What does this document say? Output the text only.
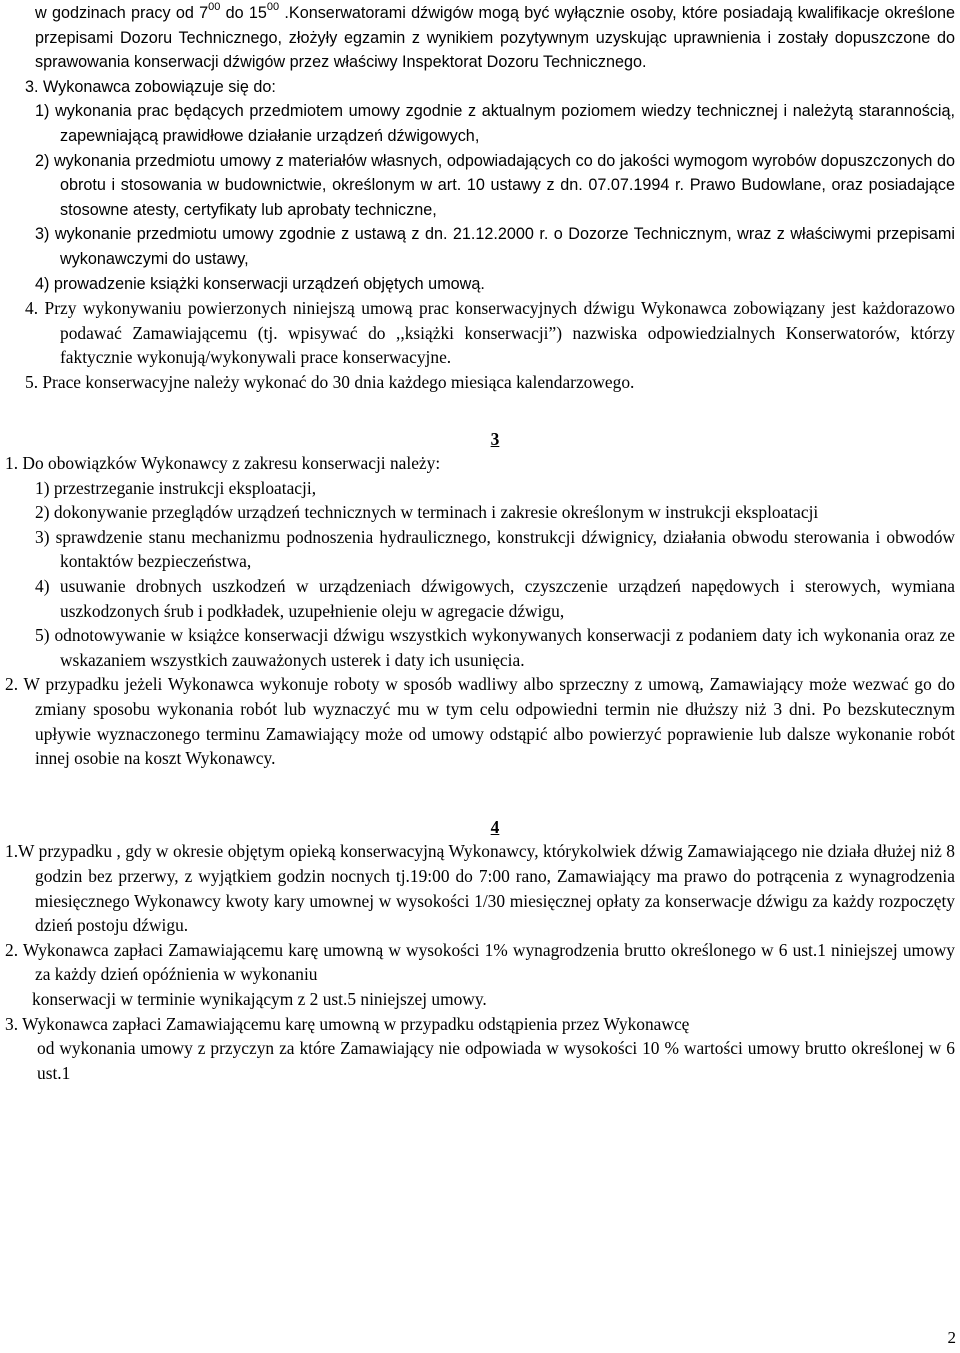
w godzinach pracy od $7^{00}$ do $15^{00}$ .Konserwatorami dźwigów mogą być wyłącznie osoby, które posiadają kwalifikacje określone przepisami Dozoru Technicznego, złożyły egzamin z wynikiem pozytywnym uzyskując uprawnienia i zostały dopuszczone do sprawowania konserwacji dźwigów przez właściwy Inspektorat Dozoru Technicznego.

3. Wykonawca zobowiązuje się do:

1) wykonania prac będących przedmiotem umowy zgodnie z aktualnym poziomem wiedzy technicznej i należytą starannością, zapewniającą prawidłowe działanie urządzeń dźwigowych,

2) wykonania przedmiotu umowy z materiałów własnych, odpowiadających co do jakości wymogom wyrobów dopuszczonych do obrotu i stosowania w budownictwie, określonym w art. 10 ustawy z dn. 07.07.1994 r. Prawo Budowlane, oraz posiadające stosowne atesty, certyfikaty lub aprobaty techniczne,

3) wykonanie przedmiotu umowy zgodnie z ustawą z dn. 21.12.2000 r. o Dozorze Technicznym, wraz z właściwymi przepisami wykonawczymi do ustawy,

4) prowadzenie książki konserwacji urządzeń objętych umową.

4. Przy wykonywaniu powierzonych niniejszą umową prac konserwacyjnych dźwigu Wykonawca zobowiązany jest każdorazowo podawać Zamawiającemu (tj. wpisywać do ,,książki konserwacji”) nazwiska odpowiedzialnych Konserwatorów, którzy faktycznie wykonują/wykonywali prace konserwacyjne.

5. Prace konserwacyjne należy wykonać do 30 dnia każdego miesiąca kalendarzowego.

3

1. Do obowiązków Wykonawcy z zakresu konserwacji należy:

1) przestrzeganie instrukcji eksploatacji,

2) dokonywanie przeglądów urządzeń technicznych w terminach i zakresie określonym w instrukcji eksploatacji

3) sprawdzenie stanu mechanizmu podnoszenia hydraulicznego, konstrukcji dźwignicy, działania obwodu sterowania i obwodów kontaktów bezpieczeństwa,

4) usuwanie drobnych uszkodzeń w urządzeniach dźwigowych, czyszczenie urządzeń napędowych i sterowych, wymiana uszkodzonych śrub i podkładek, uzupełnienie oleju w agregacie dźwigu,

5) odnotowywanie w książce konserwacji dźwigu wszystkich wykonywanych konserwacji z podaniem daty ich wykonania oraz ze wskazaniem wszystkich zauważonych usterek i daty ich usunięcia.

2. W przypadku jeżeli Wykonawca wykonuje roboty w sposób wadliwy albo sprzeczny z umową, Zamawiający może wezwać go do zmiany sposobu wykonania robót lub wyznaczyć mu w tym celu odpowiedni termin nie dłuższy niż 3 dni. Po bezskutecznym upływie wyznaczonego terminu Zamawiający może od umowy odstąpić albo powierzyć poprawienie lub dalsze wykonanie robót innej osobie na koszt Wykonawcy.

4

1.W przypadku , gdy w okresie objętym opieką konserwacyjną Wykonawcy, którykolwiek dźwig Zamawiającego nie działa dłużej niż 8 godzin bez przerwy, z wyjątkiem godzin nocnych tj.19:00 do 7:00 rano, Zamawiający ma prawo do potrącenia z wynagrodzenia miesięcznego Wykonawcy kwoty kary umownej w wysokości 1/30 miesięcznej opłaty za konserwacje dźwigu za każdy rozpoczęty dzień postoju dźwigu.

2. Wykonawca zapłaci Zamawiającemu karę umowną w wysokości 1% wynagrodzenia brutto określonego w 6 ust.1 niniejszej umowy za każdy dzień opóźnienia w wykonaniu

konserwacji w terminie wynikającym z 2 ust.5 niniejszej umowy.

3. Wykonawca zapłaci Zamawiającemu karę umowną w przypadku odstąpienia przez Wykonawcę

od wykonania umowy z przyczyn za które Zamawiający nie odpowiada w wysokości 10 % wartości umowy brutto określonej w 6 ust.1

2
